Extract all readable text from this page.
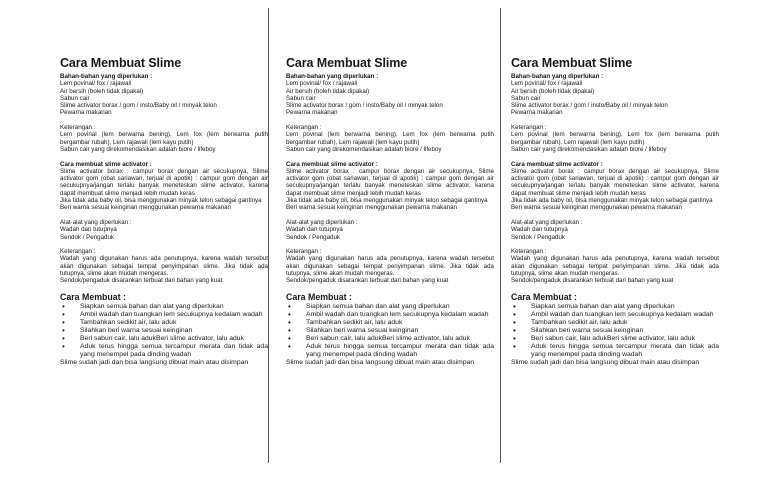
Cara Membuat Slime
Bahan-bahan yang diperlukan :
Lem povinal/ fox / rajawali
Air bersih (boleh tidak dipakai)
Sabun cair
Slime activator borax / gom / insto/Baby oil / minyak telon
Pewarna makanan
Keterangan :
Lem povinal (lem berwarna bening), Lem fox (lem berwarna putih bergambar rubah), Lem rajawali (lem kayu putih)
Sabun cair yang direkomendasikan adalah biore / lifeboy
Cara membuat slime activator :
Slime activator borax : campur borax dengan air secukupnya, Slime activator gom (obat sariawan, terjual di apotik) : campur gom dengan air secukupnya/jangan terlalu banyak meneteskan slime activator, karena dapat membuat slime menjadi lebih mudah keras
Jika tidak ada baby oil, bisa menggunakan minyak telon sebagai gantinya
Beri warna sesuai keinginan menggunakan pewarna makanan
Alat-alat yang diperlukan :
Wadah dan tutupnya
Sendok / Pengaduk
Keterangan :
Wadah yang digunakan harus ada penutupnya, karena wadah tersebut akan digunakan sebagai tempat penyimpanan slime. Jika tidak ada tutupnya, slime akan mudah mengeras.
Sendok/pengaduk disarankan terbuat dari bahan yang kuat
Cara Membuat :
• Siapkan semua bahan dan alat yang diperlukan
• Ambil wadah dan tuangkan lem secukupnya kedalam wadah
• Tambahkan sedikit air, lalu aduk
• Silahkan beri warna sesuai keinginan
• Beri sabun cair, lalu adukBeri slime activator, lalu aduk
• Aduk terus hingga semua tercampur merata dan tidak ada yang menempel pada dinding wadah
Slime sudah jadi dan bisa langsung dibuat main atau disimpan
Cara Membuat Slime
Bahan-bahan yang diperlukan :
Lem povinal/ fox / rajawali
Air bersih (boleh tidak dipakai)
Sabun cair
Slime activator borax / gom / insto/Baby oil / minyak telon
Pewarna makanan
Keterangan :
Lem povinal (lem berwarna bening), Lem fox (lem berwarna putih bergambar rubah), Lem rajawali (lem kayu putih)
Sabun cair yang direkomendasikan adalah biore / lifeboy
Cara membuat slime activator :
Slime activator borax : campur borax dengan air secukupnya, Slime activator gom (obat sariawan, terjual di apotik) : campur gom dengan air secukupnya/jangan terlalu banyak meneteskan slime activator, karena dapat membuat slime menjadi lebih mudah keras
Jika tidak ada baby oil, bisa menggunakan minyak telon sebagai gantinya
Beri warna sesuai keinginan menggunakan pewarna makanan
Alat-alat yang diperlukan :
Wadah dan tutupnya
Sendok / Pengaduk
Keterangan :
Wadah yang digunakan harus ada penutupnya, karena wadah tersebut akan digunakan sebagai tempat penyimpanan slime. Jika tidak ada tutupnya, slime akan mudah mengeras.
Sendok/pengaduk disarankan terbuat dari bahan yang kuat
Cara Membuat :
• Siapkan semua bahan dan alat yang diperlukan
• Ambil wadah dan tuangkan lem secukupnya kedalam wadah
• Tambahkan sedikit air, lalu aduk
• Silahkan beri warna sesuai keinginan
• Beri sabun cair, lalu adukBeri slime activator, lalu aduk
• Aduk terus hingga semua tercampur merata dan tidak ada yang menempel pada dinding wadah
Slime sudah jadi dan bisa langsung dibuat main atau disimpan
Cara Membuat Slime
Bahan-bahan yang diperlukan :
Lem povinal/ fox / rajawali
Air bersih (boleh tidak dipakai)
Sabun cair
Slime activator borax / gom / insto/Baby oil / minyak telon
Pewarna makanan
Keterangan :
Lem povinal (lem berwarna bening), Lem fox (lem berwarna putih bergambar rubah), Lem rajawali (lem kayu putih)
Sabun cair yang direkomendasikan adalah biore / lifeboy
Cara membuat slime activator :
Slime activator borax : campur borax dengan air secukupnya, Slime activator gom (obat sariawan, terjual di apotik) : campur gom dengan air secukupnya/jangan terlalu banyak meneteskan slime activator, karena dapat membuat slime menjadi lebih mudah keras
Jika tidak ada baby oil, bisa menggunakan minyak telon sebagai gantinya
Beri warna sesuai keinginan menggunakan pewarna makanan
Alat-alat yang diperlukan :
Wadah dan tutupnya
Sendok / Pengaduk
Keterangan :
Wadah yang digunakan harus ada penutupnya, karena wadah tersebut akan digunakan sebagai tempat penyimpanan slime. Jika tidak ada tutupnya, slime akan mudah mengeras.
Sendok/pengaduk disarankan terbuat dari bahan yang kuat
Cara Membuat :
• Siapkan semua bahan dan alat yang diperlukan
• Ambil wadah dan tuangkan lem secukupnya kedalam wadah
• Tambahkan sedikit air, lalu aduk
• Silahkan beri warna sesuai keinginan
• Beri sabun cair, lalu adukBeri slime activator, lalu aduk
• Aduk terus hingga semua tercampur merata dan tidak ada yang menempel pada dinding wadah
Slime sudah jadi dan bisa langsung dibuat main atau disimpan
